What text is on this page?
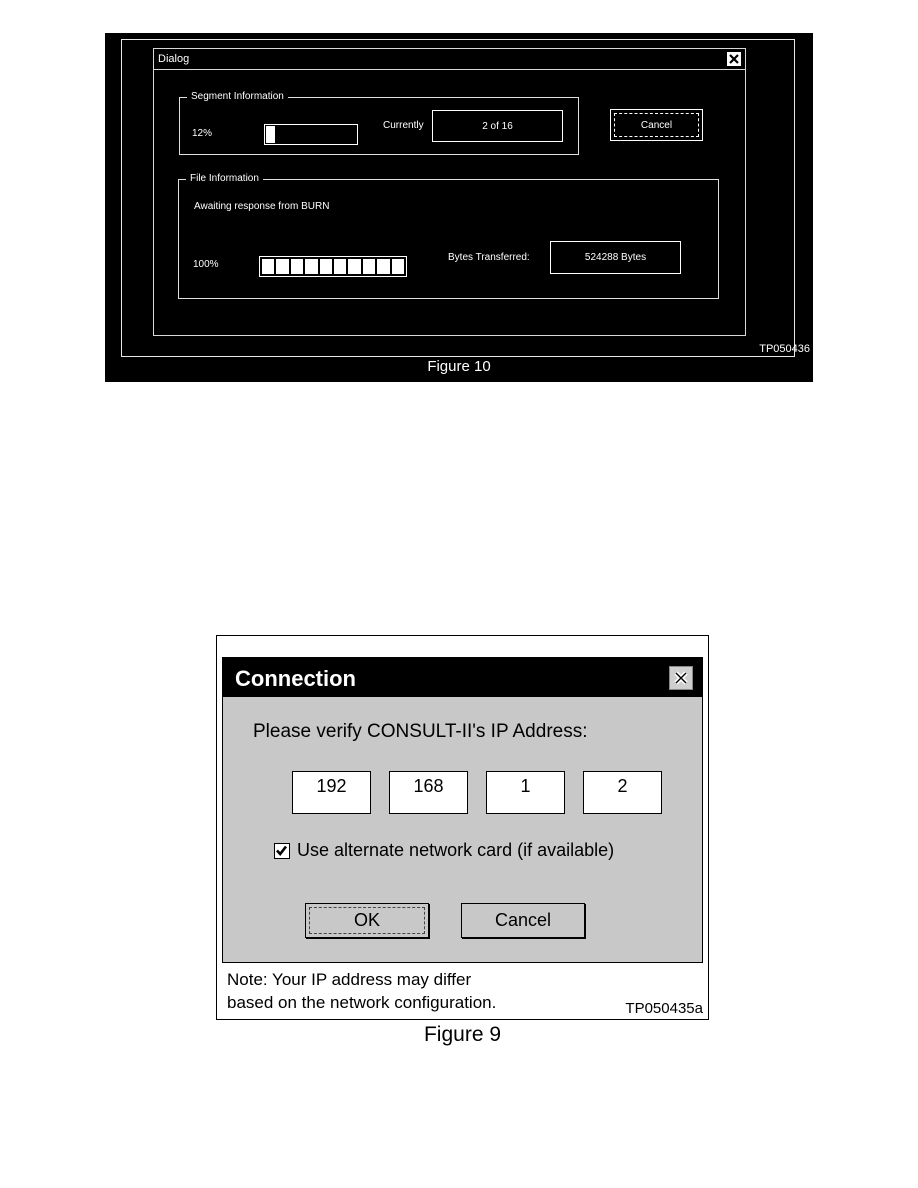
Dialog
Segment Information
12%
Currently	2 of 16	Cancel
File Information
Awaiting response from BURN
100%
Bytes Transferred:	524288 Bytes
TP050436
Figure 10
Connection
Please verify CONSULT-II's IP Address:
192	168	1	2
Use alternate network card (if available)
OK	Cancel
Note: Your IP address may differ
based on the network configuration.	TP050435a
Figure 9
